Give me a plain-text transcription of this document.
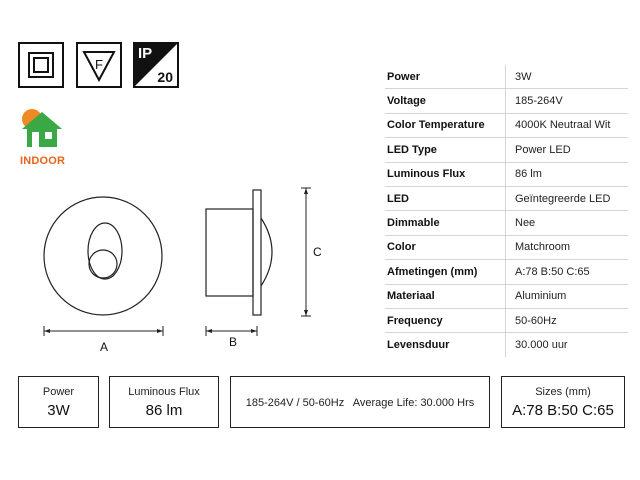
F
IP
20
INDOOR
A	B
C
Power	3W
Voltage	185-264V
Color Temperature	4000K Neutraal Wit
LED Type	Power LED
Luminous Flux	86 lm
LED	Geïntegreerde LED
Dimmable	Nee
Color	Matchroom
Afmetingen (mm)	A:78 B:50 C:65
Materiaal	Aluminium
Frequency	50-60Hz
Levensduur	30.000 uur
Power
3W
Luminous Flux
86 lm	185-264V / 50-60Hz   Average Life: 30.000 Hrs
Sizes (mm)
A:78 B:50 C:65
